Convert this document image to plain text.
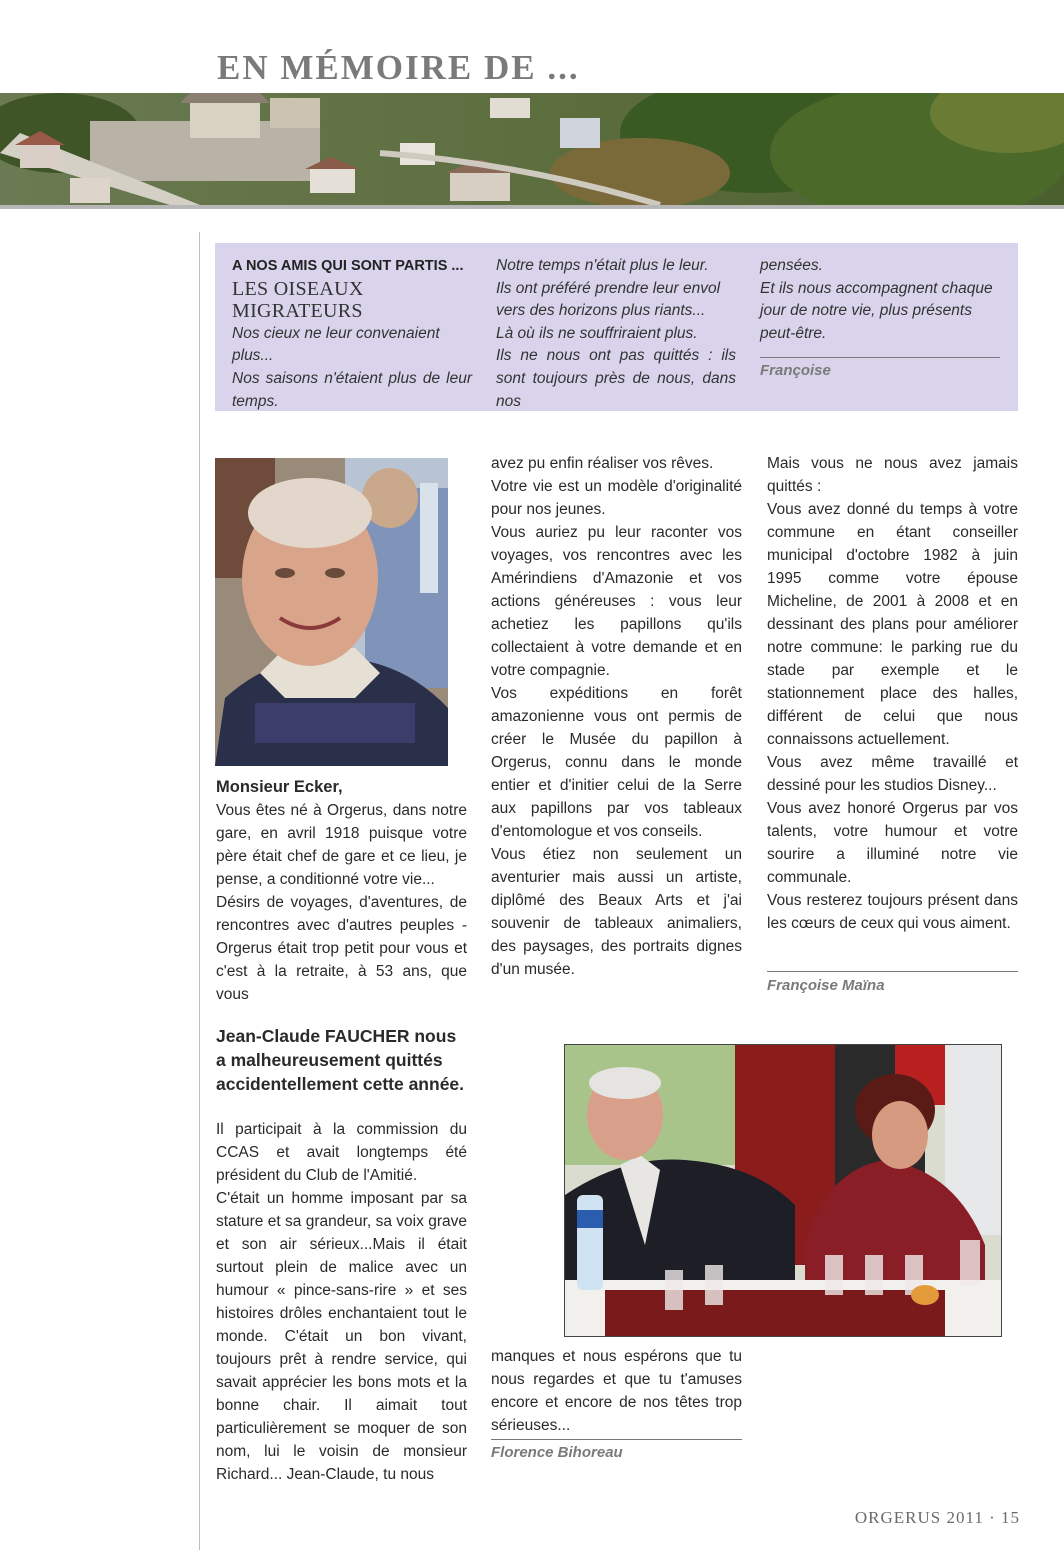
EN MÉMOIRE DE ...

A NOS AMIS QUI SONT PARTIS ...

LES OISEAUX MIGRATEURS

Nos cieux ne leur convenaient plus...

Nos saisons n'étaient plus de leur temps.

Notre temps n'était plus le leur.

Ils ont préféré prendre leur envol vers des horizons plus riants...

Là où ils ne souffriraient plus.

Ils ne nous ont pas quittés : ils sont toujours près de nous, dans nos

pensées.

Et ils nous accompagnent chaque jour de notre vie, plus présents peut-être.

Françoise

Monsieur Ecker,

Vous êtes né à Orgerus, dans notre gare, en avril 1918 puisque votre père était chef de gare et ce lieu, je pense, a conditionné votre vie...

Désirs de voyages, d'aventures, de rencontres avec d'autres peuples - Orgerus était trop petit pour vous et c'est à la retraite, à 53 ans, que vous

avez pu enfin réaliser vos rêves.

Votre vie est un modèle d'originalité pour nos jeunes.

Vous auriez pu leur raconter vos voyages, vos rencontres avec les Amérindiens d'Amazonie et vos actions généreuses : vous leur achetiez les papillons qu'ils collectaient à votre demande et en votre compagnie.

Vos expéditions en forêt amazonienne vous ont permis de créer le Musée du papillon à Orgerus, connu dans le monde entier et d'initier celui de la Serre aux papillons par vos tableaux d'entomologue et vos conseils.

Vous étiez non seulement un aventurier mais aussi un artiste, diplômé des Beaux Arts et j'ai souvenir de tableaux animaliers, des paysages, des portraits dignes d'un musée.

Mais vous ne nous avez jamais quittés :

Vous avez donné du temps à votre commune en étant conseiller municipal d'octobre 1982 à juin 1995 comme votre épouse Micheline, de 2001 à 2008 et en dessinant des plans pour améliorer notre commune: le parking rue du stade par exemple et le stationnement place des halles, différent de celui que nous connaissons actuellement.

Vous avez même travaillé et dessiné pour les studios Disney...

Vous avez honoré Orgerus par vos talents, votre humour et votre sourire a illuminé notre vie communale.

Vous resterez toujours présent dans les cœurs de ceux qui vous aiment.

Françoise Maïna

Jean-Claude FAUCHER nous a malheureusement quittés accidentellement cette année.

Il participait à la commission du CCAS et avait longtemps été président du Club de l'Amitié.

C'était un homme imposant par sa stature et sa grandeur, sa voix grave et son air sérieux...Mais il était surtout plein de malice avec un humour « pince-sans-rire » et ses histoires drôles enchantaient tout le monde. C'était un bon vivant, toujours prêt à rendre service, qui savait apprécier les bons mots et la bonne chair. Il aimait tout particulièrement se moquer de son nom, lui le voisin de monsieur Richard... Jean-Claude, tu nous

manques et nous espérons que tu nous regardes et que tu t'amuses encore et encore de nos têtes trop sérieuses...

Florence Bihoreau

ORGERUS 2011 · 15
